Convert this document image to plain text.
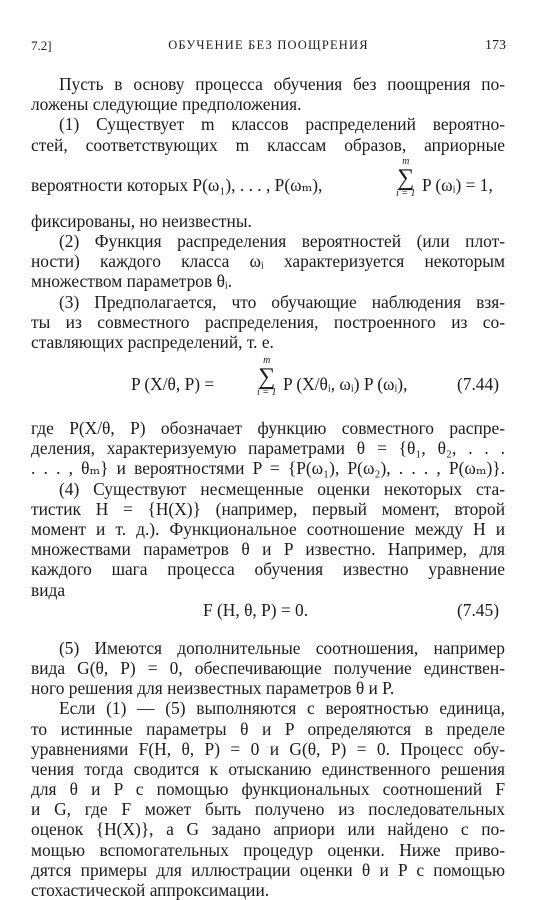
7.2]	ОБУЧЕНИЕ БЕЗ ПООЩРЕНИЯ	173
Пусть в основу процесса обучения без поощрения по-
ложены следующие предположения.
(1) Существует m классов распределений вероятно-
стей, соответствующих m классам образов, априорные
вероятности которых P(ω₁), . . . , P(ωₘ),
m
∑
i = 1 P (ωᵢ) = 1,
фиксированы, но неизвестны.
(2) Функция распределения вероятностей (или плот-
ности) каждого класса ωᵢ характеризуется некоторым
множеством параметров θᵢ.
(3) Предполагается, что обучающие наблюдения взя-
ты из совместного распределения, построенного из со-
ставляющих распределений, т. е.
P (X/θ, P) =
m
∑
i = 1 P (X/θᵢ, ωᵢ) P (ωᵢ),	(7.44)
где P(X/θ, P) обозначает функцию совместного распре-
деления, характеризуемую параметрами θ = {θ₁, θ₂, . . .
. . . , θₘ} и вероятностями P = {P(ω₁), P(ω₂), . . . , P(ωₘ)}.
(4) Существуют несмещенные оценки некоторых ста-
тистик H = {H(X)} (например, первый момент, второй
момент и т. д.). Функциональное соотношение между H и
множествами параметров θ и P известно. Например, для
каждого шага процесса обучения известно уравнение
вида
F (H, θ, P) = 0.	(7.45)
(5) Имеются дополнительные соотношения, например
вида G(θ, P) = 0, обеспечивающие получение единствен-
ного решения для неизвестных параметров θ и P.
Если (1) — (5) выполняются с вероятностью единица,
то истинные параметры θ и P определяются в пределе
уравнениями F(H, θ, P) = 0 и G(θ, P) = 0. Процесс обу-
чения тогда сводится к отысканию единственного решения
для θ и P с помощью функциональных соотношений F
и G, где F может быть получено из последовательных
оценок {H(X)}, а G задано априори или найдено с по-
мощью вспомогательных процедур оценки. Ниже приво-
дятся примеры для иллюстрации оценки θ и P с помощью
стохастической аппроксимации.
